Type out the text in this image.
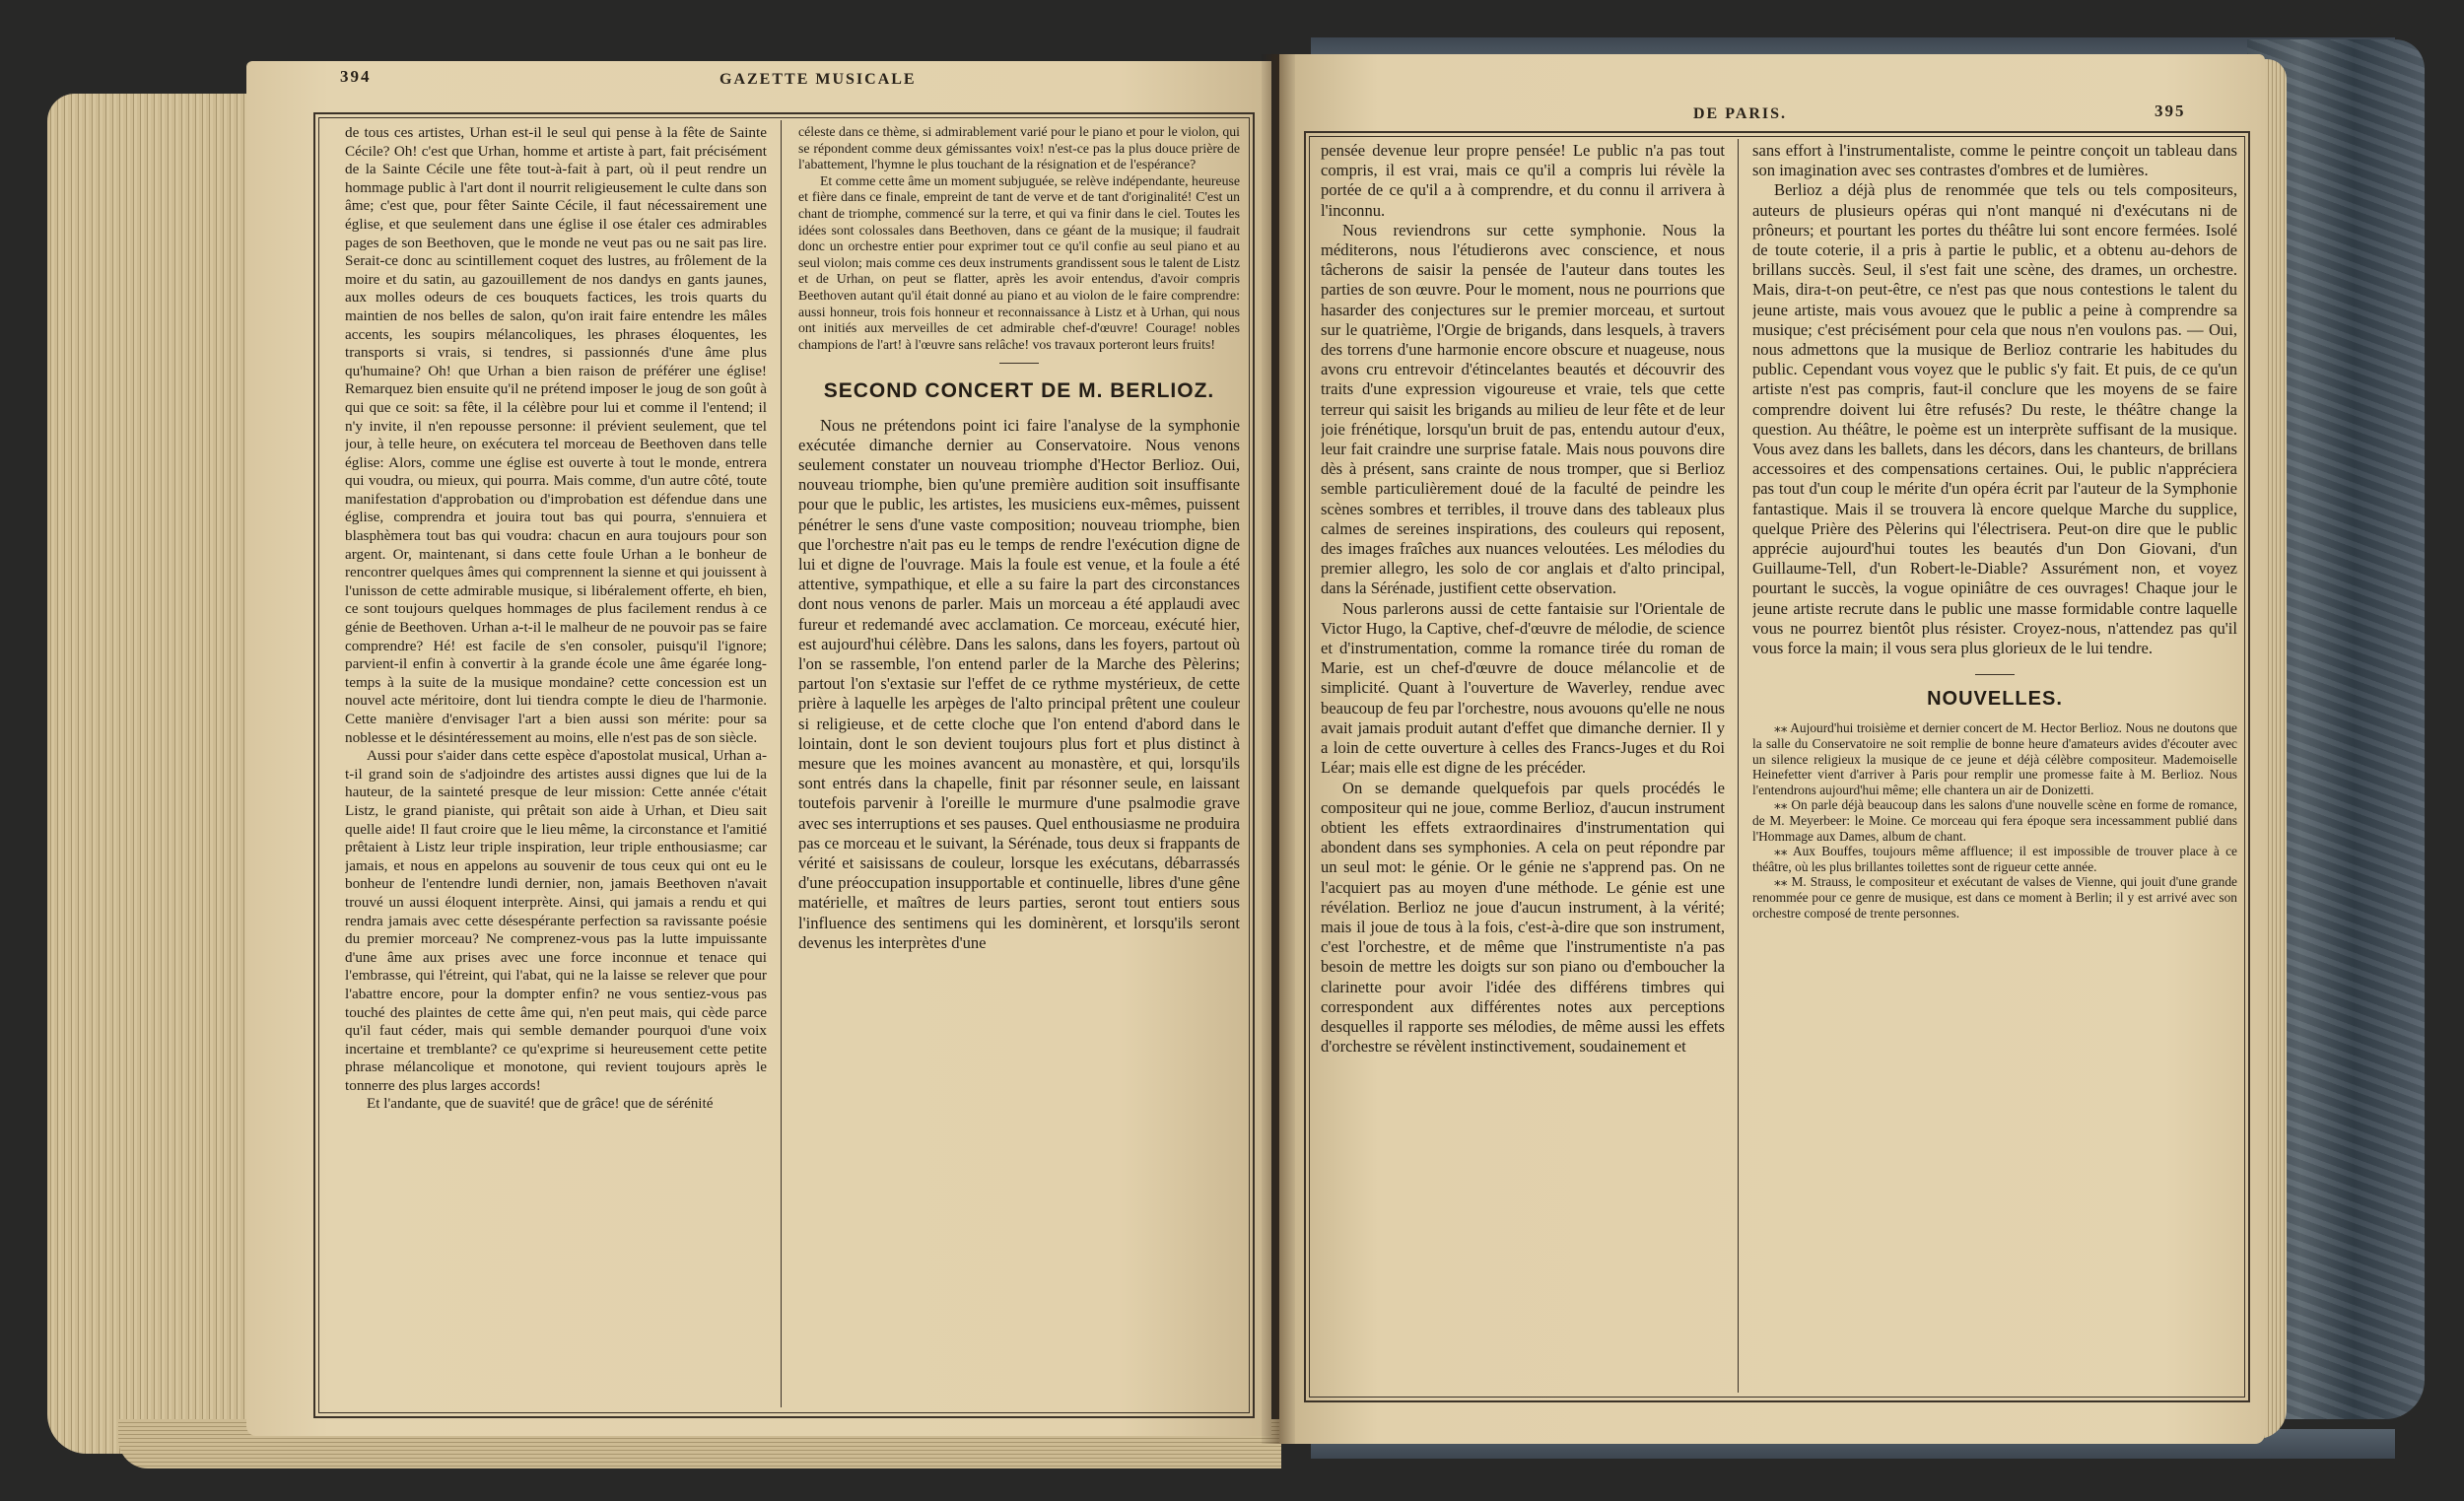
394	GAZETTE MUSICALE

de tous ces artistes, Urhan est-il le seul qui pense à la fête de Sainte Cécile? Oh! c'est que Urhan, homme et artiste à part, fait précisément de la Sainte Cécile une fête tout-à-fait à part, où il peut rendre un hommage public à l'art dont il nourrit religieusement le culte dans son âme; c'est que, pour fêter Sainte Cécile, il faut nécessairement une église, et que seulement dans une église il ose étaler ces admirables pages de son Beethoven, que le monde ne veut pas ou ne sait pas lire. Serait-ce donc au scintillement coquet des lustres, au frôlement de la moire et du satin, au gazouillement de nos dandys en gants jaunes, aux molles odeurs de ces bouquets factices, les trois quarts du maintien de nos belles de salon, qu'on irait faire entendre les mâles accents, les soupirs mélancoliques, les phrases éloquentes, les transports si vrais, si tendres, si passionnés d'une âme plus qu'humaine? Oh! que Urhan a bien raison de préférer une église! Remarquez bien ensuite qu'il ne prétend imposer le joug de son goût à qui que ce soit: sa fête, il la célèbre pour lui et comme il l'entend; il n'y invite, il n'en repousse personne: il prévient seulement, que tel jour, à telle heure, on exécutera tel morceau de Beethoven dans telle église: Alors, comme une église est ouverte à tout le monde, entrera qui voudra, ou mieux, qui pourra. Mais comme, d'un autre côté, toute manifestation d'approbation ou d'improbation est défendue dans une église, comprendra et jouira tout bas qui pourra, s'ennuiera et blasphèmera tout bas qui voudra: chacun en aura toujours pour son argent. Or, maintenant, si dans cette foule Urhan a le bonheur de rencontrer quelques âmes qui comprennent la sienne et qui jouissent à l'unisson de cette admirable musique, si libéralement offerte, eh bien, ce sont toujours quelques hommages de plus facilement rendus à ce génie de Beethoven. Urhan a-t-il le malheur de ne pouvoir pas se faire comprendre? Hé! est facile de s'en consoler, puisqu'il l'ignore; parvient-il enfin à convertir à la grande école une âme égarée long-temps à la suite de la musique mondaine? cette concession est un nouvel acte méritoire, dont lui tiendra compte le dieu de l'harmonie. Cette manière d'envisager l'art a bien aussi son mérite: pour sa noblesse et le désintéressement au moins, elle n'est pas de son siècle.

Aussi pour s'aider dans cette espèce d'apostolat musical, Urhan a-t-il grand soin de s'adjoindre des artistes aussi dignes que lui de la hauteur, de la sainteté presque de leur mission: Cette année c'était Listz, le grand pianiste, qui prêtait son aide à Urhan, et Dieu sait quelle aide! Il faut croire que le lieu même, la circonstance et l'amitié prêtaient à Listz leur triple inspiration, leur triple enthousiasme; car jamais, et nous en appelons au souvenir de tous ceux qui ont eu le bonheur de l'entendre lundi dernier, non, jamais Beethoven n'avait trouvé un aussi éloquent interprète. Ainsi, qui jamais a rendu et qui rendra jamais avec cette désespérante perfection sa ravissante poésie du premier morceau? Ne comprenez-vous pas la lutte impuissante d'une âme aux prises avec une force inconnue et tenace qui l'embrasse, qui l'étreint, qui l'abat, qui ne la laisse se relever que pour l'abattre encore, pour la dompter enfin? ne vous sentiez-vous pas touché des plaintes de cette âme qui, n'en peut mais, qui cède parce qu'il faut céder, mais qui semble demander pourquoi d'une voix incertaine et tremblante? ce qu'exprime si heureusement cette petite phrase mélancolique et monotone, qui revient toujours après le tonnerre des plus larges accords!

Et l'andante, que de suavité! que de grâce! que de sérénité

céleste dans ce thème, si admirablement varié pour le piano et pour le violon, qui se répondent comme deux gémissantes voix! n'est-ce pas la plus douce prière de l'abattement, l'hymne le plus touchant de la résignation et de l'espérance?

Et comme cette âme un moment subjuguée, se relève indépendante, heureuse et fière dans ce finale, empreint de tant de verve et de tant d'originalité! C'est un chant de triomphe, commencé sur la terre, et qui va finir dans le ciel. Toutes les idées sont colossales dans Beethoven, dans ce géant de la musique; il faudrait donc un orchestre entier pour exprimer tout ce qu'il confie au seul piano et au seul violon; mais comme ces deux instruments grandissent sous le talent de Listz et de Urhan, on peut se flatter, après les avoir entendus, d'avoir compris Beethoven autant qu'il était donné au piano et au violon de le faire comprendre: aussi honneur, trois fois honneur et reconnaissance à Listz et à Urhan, qui nous ont initiés aux merveilles de cet admirable chef-d'œuvre! Courage! nobles champions de l'art! à l'œuvre sans relâche! vos travaux porteront leurs fruits!

SECOND CONCERT DE M. BERLIOZ.

Nous ne prétendons point ici faire l'analyse de la symphonie exécutée dimanche dernier au Conservatoire. Nous venons seulement constater un nouveau triomphe d'Hector Berlioz. Oui, nouveau triomphe, bien qu'une première audition soit insuffisante pour que le public, les artistes, les musiciens eux-mêmes, puissent pénétrer le sens d'une vaste composition; nouveau triomphe, bien que l'orchestre n'ait pas eu le temps de rendre l'exécution digne de lui et digne de l'ouvrage. Mais la foule est venue, et la foule a été attentive, sympathique, et elle a su faire la part des circonstances dont nous venons de parler. Mais un morceau a été applaudi avec fureur et redemandé avec acclamation. Ce morceau, exécuté hier, est aujourd'hui célèbre. Dans les salons, dans les foyers, partout où l'on se rassemble, l'on entend parler de la Marche des Pèlerins; partout l'on s'extasie sur l'effet de ce rythme mystérieux, de cette prière à laquelle les arpèges de l'alto principal prêtent une couleur si religieuse, et de cette cloche que l'on entend d'abord dans le lointain, dont le son devient toujours plus fort et plus distinct à mesure que les moines avancent au monastère, et qui, lorsqu'ils sont entrés dans la chapelle, finit par résonner seule, en laissant toutefois parvenir à l'oreille le murmure d'une psalmodie grave avec ses interruptions et ses pauses. Quel enthousiasme ne produira pas ce morceau et le suivant, la Sérénade, tous deux si frappants de vérité et saisissans de couleur, lorsque les exécutans, débarrassés d'une préoccupation insupportable et continuelle, libres d'une gêne matérielle, et maîtres de leurs parties, seront tout entiers sous l'influence des sentimens qui les dominèrent, et lorsqu'ils seront devenus les interprètes d'une

DE PARIS.	395

pensée devenue leur propre pensée! Le public n'a pas tout compris, il est vrai, mais ce qu'il a compris lui révèle la portée de ce qu'il a à comprendre, et du connu il arrivera à l'inconnu.

Nous reviendrons sur cette symphonie. Nous la méditerons, nous l'étudierons avec conscience, et nous tâcherons de saisir la pensée de l'auteur dans toutes les parties de son œuvre. Pour le moment, nous ne pourrions que hasarder des conjectures sur le premier morceau, et surtout sur le quatrième, l'Orgie de brigands, dans lesquels, à travers des torrens d'une harmonie encore obscure et nuageuse, nous avons cru entrevoir d'étincelantes beautés et découvrir des traits d'une expression vigoureuse et vraie, tels que cette terreur qui saisit les brigands au milieu de leur fête et de leur joie frénétique, lorsqu'un bruit de pas, entendu autour d'eux, leur fait craindre une surprise fatale. Mais nous pouvons dire dès à présent, sans crainte de nous tromper, que si Berlioz semble particulièrement doué de la faculté de peindre les scènes sombres et terribles, il trouve dans des tableaux plus calmes de sereines inspirations, des couleurs qui reposent, des images fraîches aux nuances veloutées. Les mélodies du premier allegro, les solo de cor anglais et d'alto principal, dans la Sérénade, justifient cette observation.

Nous parlerons aussi de cette fantaisie sur l'Orientale de Victor Hugo, la Captive, chef-d'œuvre de mélodie, de science et d'instrumentation, comme la romance tirée du roman de Marie, est un chef-d'œuvre de douce mélancolie et de simplicité. Quant à l'ouverture de Waverley, rendue avec beaucoup de feu par l'orchestre, nous avouons qu'elle ne nous avait jamais produit autant d'effet que dimanche dernier. Il y a loin de cette ouverture à celles des Francs-Juges et du Roi Léar; mais elle est digne de les précéder.

On se demande quelquefois par quels procédés le compositeur qui ne joue, comme Berlioz, d'aucun instrument obtient les effets extraordinaires d'instrumentation qui abondent dans ses symphonies. A cela on peut répondre par un seul mot: le génie. Or le génie ne s'apprend pas. On ne l'acquiert pas au moyen d'une méthode. Le génie est une révélation. Berlioz ne joue d'aucun instrument, à la vérité; mais il joue de tous à la fois, c'est-à-dire que son instrument, c'est l'orchestre, et de même que l'instrumentiste n'a pas besoin de mettre les doigts sur son piano ou d'emboucher la clarinette pour avoir l'idée des différens timbres qui correspondent aux différentes notes aux perceptions desquelles il rapporte ses mélodies, de même aussi les effets d'orchestre se révèlent instinctivement, soudainement et

sans effort à l'instrumentaliste, comme le peintre conçoit un tableau dans son imagination avec ses contrastes d'ombres et de lumières.

Berlioz a déjà plus de renommée que tels ou tels compositeurs, auteurs de plusieurs opéras qui n'ont manqué ni d'exécutans ni de prôneurs; et pourtant les portes du théâtre lui sont encore fermées. Isolé de toute coterie, il a pris à partie le public, et a obtenu au-dehors de brillans succès. Seul, il s'est fait une scène, des drames, un orchestre. Mais, dira-t-on peut-être, ce n'est pas que nous contestions le talent du jeune artiste, mais vous avouez que le public a peine à comprendre sa musique; c'est précisément pour cela que nous n'en voulons pas. — Oui, nous admettons que la musique de Berlioz contrarie les habitudes du public. Cependant vous voyez que le public s'y fait. Et puis, de ce qu'un artiste n'est pas compris, faut-il conclure que les moyens de se faire comprendre doivent lui être refusés? Du reste, le théâtre change la question. Au théâtre, le poème est un interprète suffisant de la musique. Vous avez dans les ballets, dans les décors, dans les chanteurs, de brillans accessoires et des compensations certaines. Oui, le public n'appréciera pas tout d'un coup le mérite d'un opéra écrit par l'auteur de la Symphonie fantastique. Mais il se trouvera là encore quelque Marche du supplice, quelque Prière des Pèlerins qui l'électrisera. Peut-on dire que le public apprécie aujourd'hui toutes les beautés d'un Don Giovani, d'un Guillaume-Tell, d'un Robert-le-Diable? Assurément non, et voyez pourtant le succès, la vogue opiniâtre de ces ouvrages! Chaque jour le jeune artiste recrute dans le public une masse formidable contre laquelle vous ne pourrez bientôt plus résister. Croyez-nous, n'attendez pas qu'il vous force la main; il vous sera plus glorieux de le lui tendre.

NOUVELLES.

⁎⁎ Aujourd'hui troisième et dernier concert de M. Hector Berlioz. Nous ne doutons que la salle du Conservatoire ne soit remplie de bonne heure d'amateurs avides d'écouter avec un silence religieux la musique de ce jeune et déjà célèbre compositeur. Mademoiselle Heinefetter vient d'arriver à Paris pour remplir une promesse faite à M. Berlioz. Nous l'entendrons aujourd'hui même; elle chantera un air de Donizetti.

⁎⁎ On parle déjà beaucoup dans les salons d'une nouvelle scène en forme de romance, de M. Meyerbeer: le Moine. Ce morceau qui fera époque sera incessamment publié dans l'Hommage aux Dames, album de chant.

⁎⁎ Aux Bouffes, toujours même affluence; il est impossible de trouver place à ce théâtre, où les plus brillantes toilettes sont de rigueur cette année.

⁎⁎ M. Strauss, le compositeur et exécutant de valses de Vienne, qui jouit d'une grande renommée pour ce genre de musique, est dans ce moment à Berlin; il y est arrivé avec son orchestre composé de trente personnes.
